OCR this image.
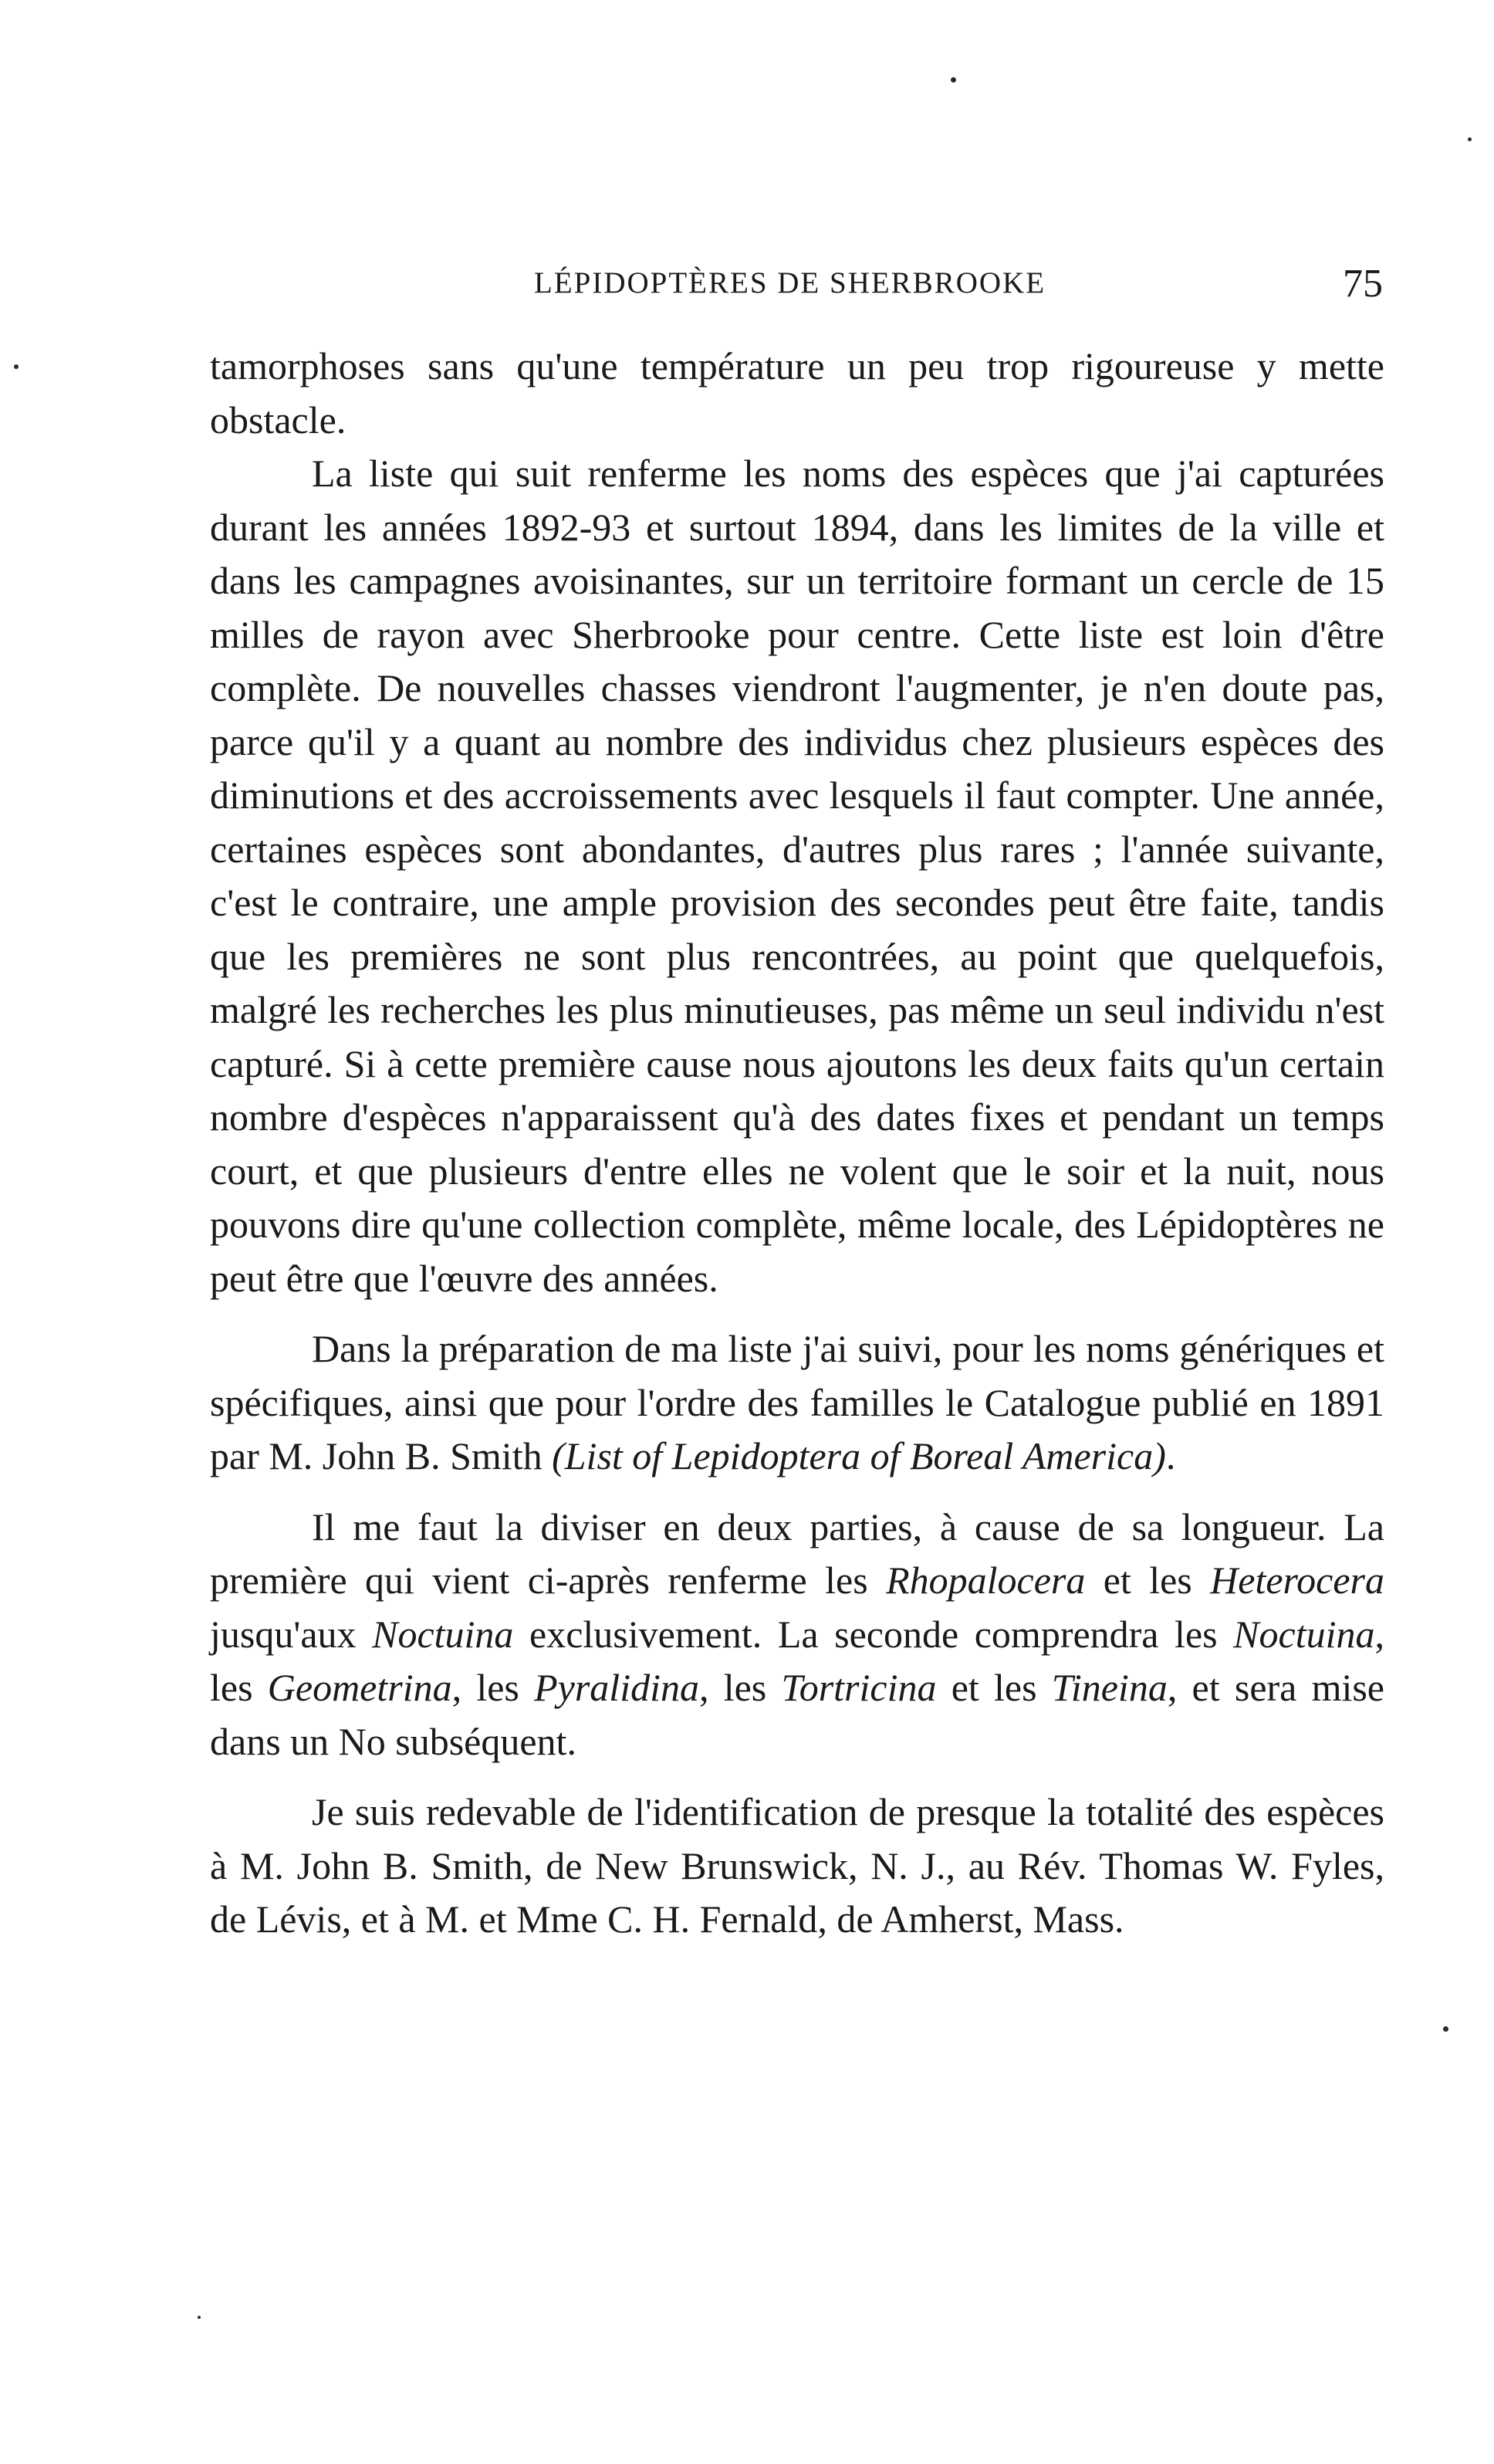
LÉPIDOPTÈRES DE SHERBROOKE	75

tamorphoses sans qu'une température un peu trop rigoureuse y mette obstacle.

La liste qui suit renferme les noms des espèces que j'ai capturées durant les années 1892-93 et surtout 1894, dans les limites de la ville et dans les campagnes avoisinantes, sur un territoire formant un cercle de 15 milles de rayon avec Sherbrooke pour centre. Cette liste est loin d'être complète. De nouvelles chasses viendront l'augmenter, je n'en doute pas, parce qu'il y a quant au nombre des individus chez plusieurs espèces des diminutions et des accroissements avec lesquels il faut compter. Une année, certaines espèces sont abondantes, d'autres plus rares ; l'année suivante, c'est le contraire, une ample provision des secondes peut être faite, tandis que les premières ne sont plus rencontrées, au point que quelquefois, malgré les recherches les plus minutieuses, pas même un seul individu n'est capturé. Si à cette première cause nous ajoutons les deux faits qu'un certain nombre d'espèces n'apparaissent qu'à des dates fixes et pendant un temps court, et que plusieurs d'entre elles ne volent que le soir et la nuit, nous pouvons dire qu'une collection complète, même locale, des Lépidoptères ne peut être que l'œuvre des années.

Dans la préparation de ma liste j'ai suivi, pour les noms génériques et spécifiques, ainsi que pour l'ordre des familles le Catalogue publié en 1891 par M. John B. Smith (List of Lepidoptera of Boreal America).

Il me faut la diviser en deux parties, à cause de sa longueur. La première qui vient ci-après renferme les Rhopalocera et les Heterocera jusqu'aux Noctuina exclusivement. La seconde comprendra les Noctuina, les Geometrina, les Pyralidina, les Tortricina et les Tineina, et sera mise dans un No subséquent.

Je suis redevable de l'identification de presque la totalité des espèces à M. John B. Smith, de New Brunswick, N. J., au Rév. Thomas W. Fyles, de Lévis, et à M. et Mme C. H. Fernald, de Amherst, Mass.
